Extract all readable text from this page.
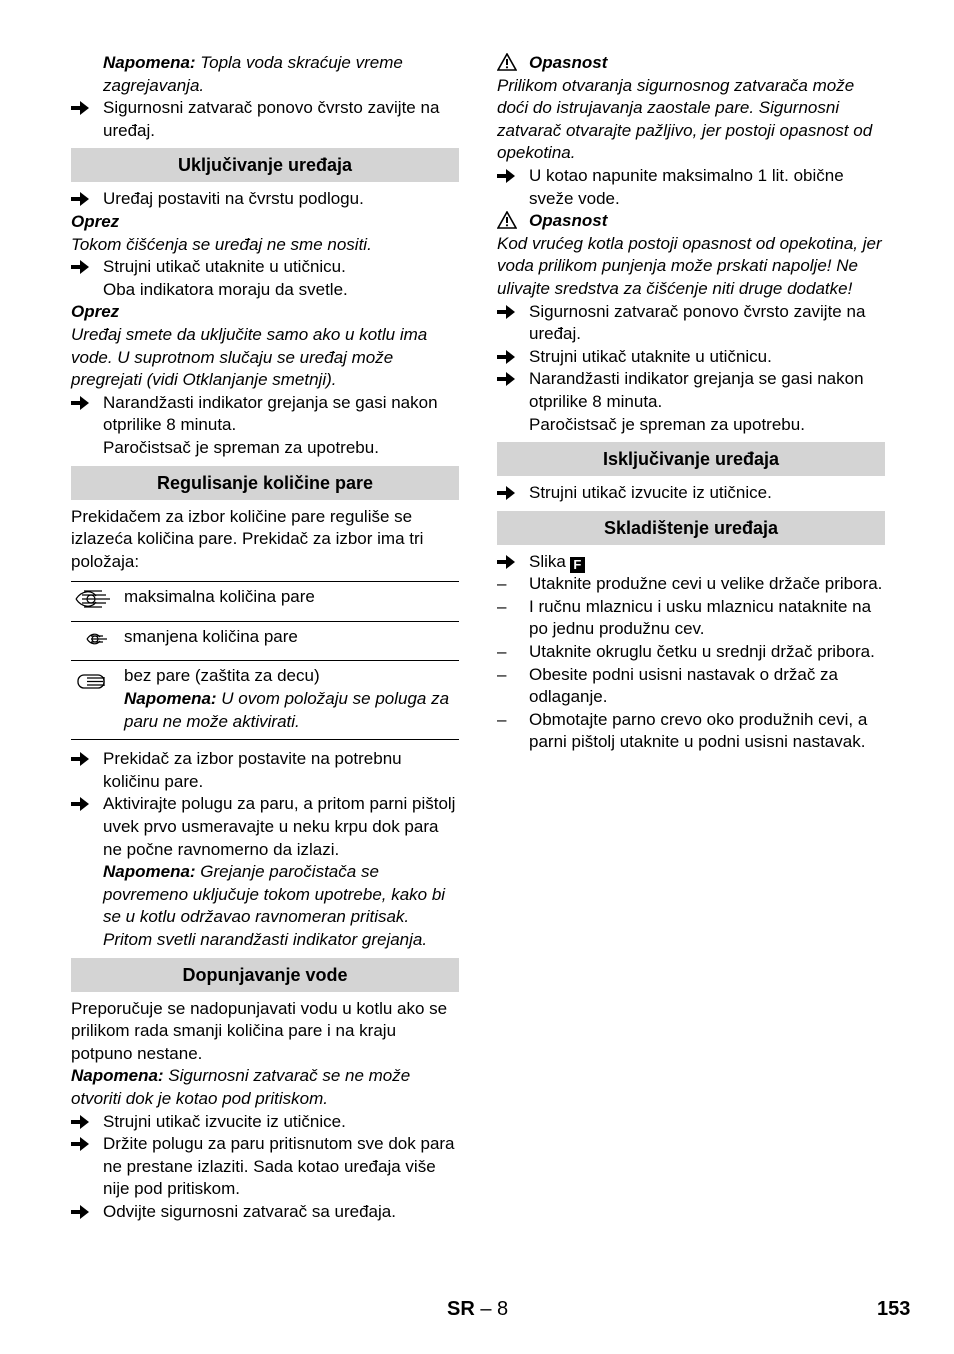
Napomena: Topla voda skraćuje vreme zagrejavanja.

Sigurnosni zatvarač ponovo čvrsto zavijte na uređaj.

Uključivanje uređaja

Uređaj postaviti na čvrstu podlogu.

Oprez

Tokom čišćenja se uređaj ne sme nositi.

Strujni utikač utaknite u utičnicu.

Oba indikatora moraju da svetle.

Oprez

Uređaj smete da uključite samo ako u kotlu ima vode. U suprotnom slučaju se uređaj može pregrejati (vidi Otklanjanje smetnji).

Narandžasti indikator grejanja se gasi nakon otprilike 8 minuta.

Paročistsač je spreman za upotrebu.

Regulisanje količine pare

Prekidačem za izbor količine pare reguliše se izlazeća količina pare. Prekidač za izbor ima tri položaja:

	maksimalna količina pare
	smanjena količina pare

bez pare (zaštita za decu)
Napomena: U ovom položaju se poluga za paru ne može aktivirati.
Prekidač za izbor postavite na potrebnu količinu pare.
Aktivirajte polugu za paru, a pritom parni pištolj uvek prvo usmeravajte u neku krpu dok para ne počne ravnomerno da izlazi.

Napomena: Grejanje paročistača se povremeno uključuje tokom upotrebe, kako bi se u kotlu održavao ravnomeran pritisak. Pritom svetli narandžasti indikator grejanja.

Dopunjavanje vode

Preporučuje se nadopunjavati vodu u kotlu ako se prilikom rada smanji količina pare i na kraju potpuno nestane.

Napomena: Sigurnosni zatvarač se ne može otvoriti dok je kotao pod pritiskom.

Strujni utikač izvucite iz utičnice.
Držite polugu za paru pritisnutom sve dok para ne prestane izlaziti. Sada kotao uređaja više nije pod pritiskom.
Odvijte sigurnosni zatvarač sa uređaja.

Opasnost

Prilikom otvaranja sigurnosnog zatvarača može doći do istrujavanja zaostale pare. Sigurnosni zatvarač otvarajte pažljivo, jer postoji opasnost od opekotina.

U kotao napunite maksimalno 1 lit. obične sveže vode.

Opasnost

Kod vrućeg kotla postoji opasnost od opekotina, jer voda prilikom punjenja može prskati napolje! Ne ulivajte sredstva za čišćenje niti druge dodatke!

Sigurnosni zatvarač ponovo čvrsto zavijte na uređaj.
Strujni utikač utaknite u utičnicu.
Narandžasti indikator grejanja se gasi nakon otprilike 8 minuta.

Paročistsač je spreman za upotrebu.

Isključivanje uređaja

Strujni utikač izvucite iz utičnice.

Skladištenje uređaja

Slika F
– Utaknite produžne cevi u velike držače pribora.
– I ručnu mlaznicu i usku mlaznicu nataknite na po jednu produžnu cev.
– Utaknite okruglu četku u srednji držač pribora.
– Obesite podni usisni nastavak o držač za odlaganje.
– Obmotajte parno crevo oko produžnih cevi, a parni pištolj utaknite u podni usisni nastavak.
SR – 8	153
